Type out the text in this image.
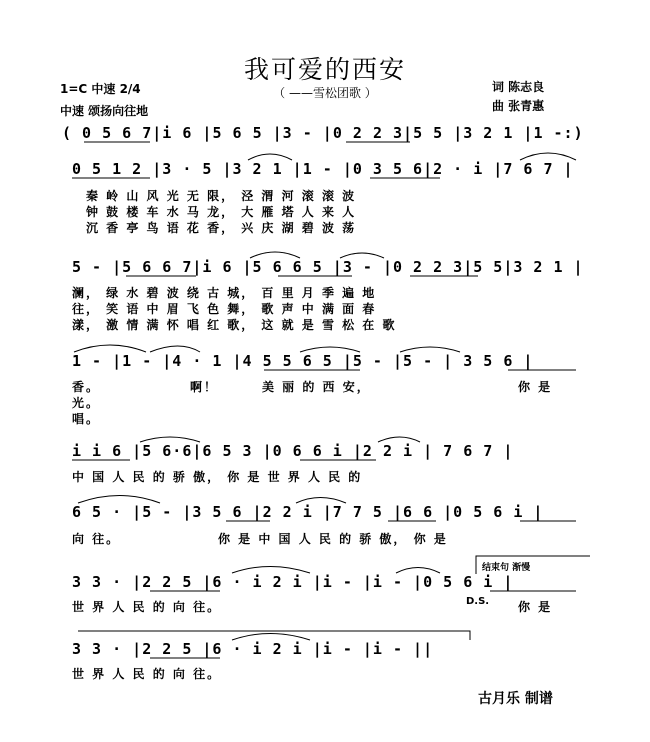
我可爱的西安
（ ——雪松团歌 ）
1=C 中速 2/4
中速 颂扬向往地
词 陈志良
曲 张青惠
( 0 5 6 7|i 6 |5 6 5 |3 - |0 2 2 3|5 5 |3 2 1 |1 -:)
0 5 1 2 |3 · 5 |3 2 1 |1 - |0 3 5 6|2 · i |7 6 7 |
秦 岭 山 风 光 无 限， 泾 渭 河 滚 滚 波
钟 鼓 楼 车 水 马 龙， 大 雁 塔 人 来 人
沉 香 亭 鸟 语 花 香， 兴 庆 湖 碧 波 荡
5 - |5 6 6 7|i 6 |5 6 6 5 |3 - |0 2 2 3|5 5|3 2 1 |
澜， 绿 水 碧 波 绕 古 城， 百 里 月 季 遍 地
往， 笑 语 中 眉 飞 色 舞， 歌 声 中 满 面 春
漾， 激 情 满 怀 唱 红 歌， 这 就 是 雪 松 在 歌
1 - |1 - |4 · 1 |4 5 5 6 5 |5 - |5 - | 3 5 6 |
香。	啊！	美 丽 的 西 安，	你 是
光。
唱。
i i 6 |5 6·6|6 5 3 |0 6 6 i |2 2 i | 7 6 7 |
中 国 人 民 的 骄 傲， 你 是 世 界 人 民 的
6 5 · |5 - |3 5 6 |2 2 i |7 7 5 |6 6 |0 5 6 i |
向 往。	你 是 中 国 人 民 的 骄 傲， 你 是
结束句 渐慢
3 3 · |2 2 5 |6 · i 2 i |i - |i - |0 5 6 i |
世 界 人 民 的 向 往。	D.S. 你 是
3 3 · |2 2 5 |6 · i 2 i |i - |i - ||
世 界 人 民 的 向 往。
古月乐 制谱
